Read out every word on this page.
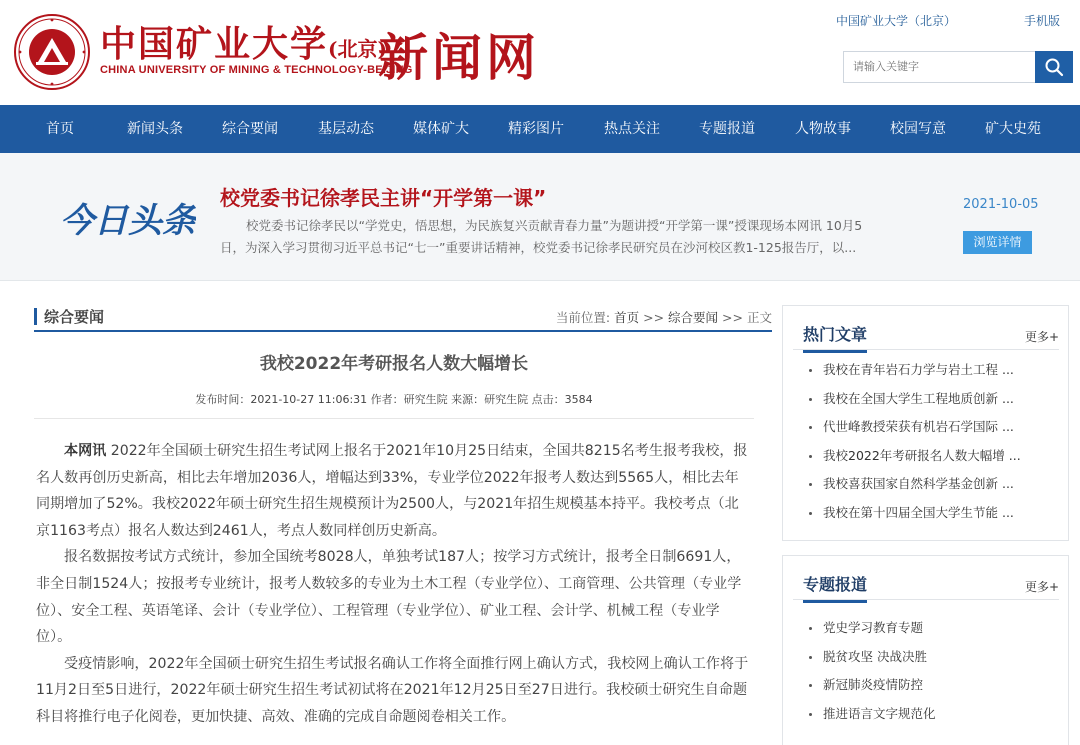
中国矿业大学(北京)
新闻网
CHINA UNIVERSITY OF MINING & TECHNOLOGY-BEIJING
中国矿业大学（北京）	手机版
请输入关键字
首页	新闻头条	综合要闻	基层动态	媒体矿大	精彩图片	热点关注	专题报道	人物故事	校园写意	矿大史苑
今日头条
校党委书记徐孝民主讲“开学第一课”
校党委书记徐孝民以“学党史，悟思想，为民族复兴贡献青春力量”为题讲授“开学第一课”授课现场本网讯 10月5
日，为深入学习贯彻习近平总书记“七一”重要讲话精神，校党委书记徐孝民研究员在沙河校区教1-125报告厅，以...
2021-10-05
浏览详情
综合要闻	当前位置: 首页 >> 综合要闻 >> 正文
我校2022年考研报名人数大幅增长
发布时间：2021-10-27 11:06:31 作者：研究生院 来源：研究生院 点击：3584

本网讯 2022年全国硕士研究生招生考试网上报名于2021年10月25日结束，全国共8215名考生报考我校，报名人数再创历史新高，相比去年增加2036人，增幅达到33%，专业学位2022年报考人数达到5565人，相比去年同期增加了52%。我校2022年硕士研究生招生规模预计为2500人，与2021年招生规模基本持平。我校考点（北京1163考点）报名人数达到2461人，考点人数同样创历史新高。

报名数据按考试方式统计，参加全国统考8028人，单独考试187人；按学习方式统计，报考全日制6691人，非全日制1524人；按报考专业统计，报考人数较多的专业为土木工程（专业学位）、工商管理、公共管理（专业学位）、安全工程、英语笔译、会计（专业学位）、工程管理（专业学位）、矿业工程、会计学、机械工程（专业学位）。

受疫情影响，2022年全国硕士研究生招生考试报名确认工作将全面推行网上确认方式，我校网上确认工作将于11月2日至5日进行，2022年硕士研究生招生考试初试将在2021年12月25日至27日进行。我校硕士研究生自命题科目将推行电子化阅卷，更加快捷、高效、准确的完成自命题阅卷相关工作。

热门文章	更多+
我校在青年岩石力学与岩土工程 ...
我校在全国大学生工程地质创新 ...
代世峰教授荣获有机岩石学国际 ...
我校2022年考研报名人数大幅增 ...
我校喜获国家自然科学基金创新 ...
我校在第十四届全国大学生节能 ...
专题报道	更多+
党史学习教育专题
脱贫攻坚 决战决胜
新冠肺炎疫情防控
推进语言文字规范化
